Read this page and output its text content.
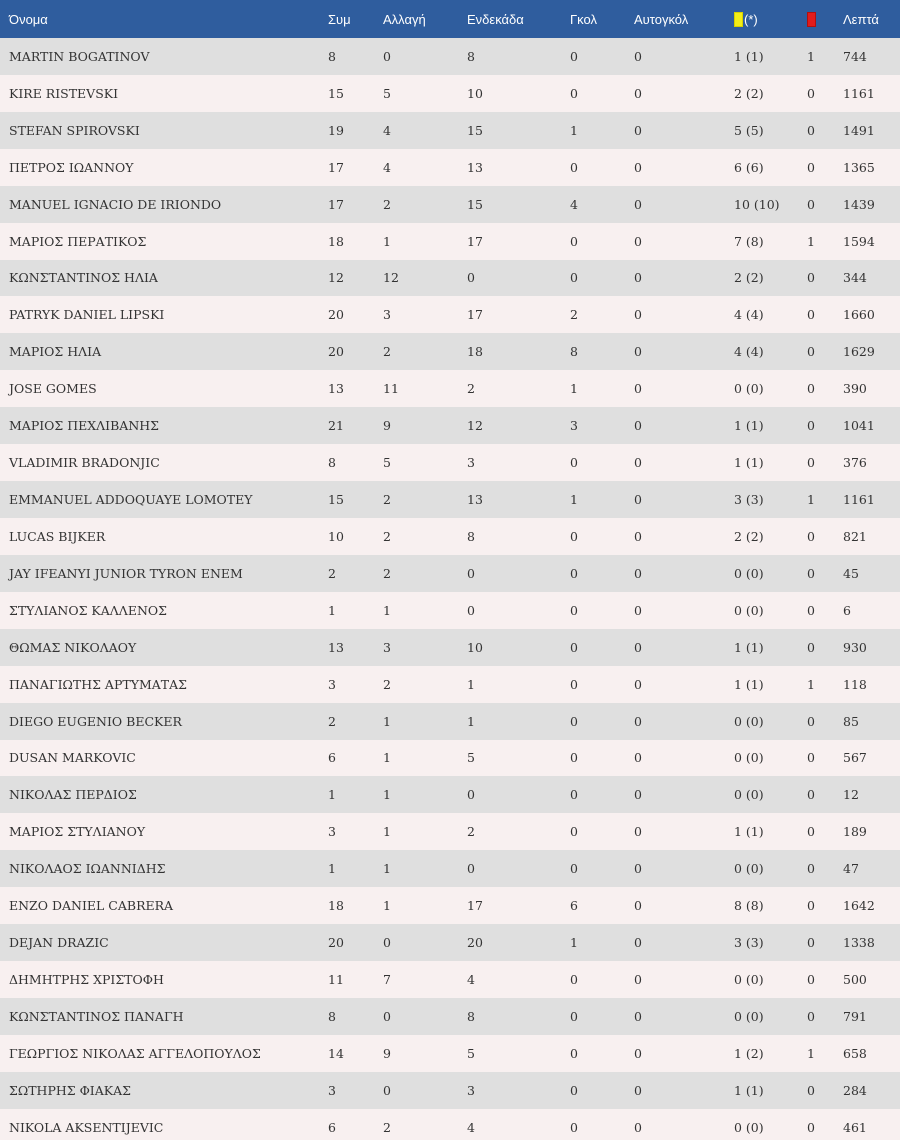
Όνομα	Συμ	Αλλαγή	Ενδεκάδα	Γκολ	Αυτογκόλ	(*)		Λεπτά
MARTIN BOGATINOV	8	0	8	0	0	1 (1)	1	744
KIRE RISTEVSKI	15	5	10	0	0	2 (2)	0	1161
STEFAN SPIROVSKI	19	4	15	1	0	5 (5)	0	1491
ΠΕΤΡΟΣ ΙΩΑΝΝΟΥ	17	4	13	0	0	6 (6)	0	1365
MANUEL IGNACIO DE IRIONDO	17	2	15	4	0	10 (10)	0	1439
ΜΑΡΙΟΣ ΠΕΡΑΤΙΚΟΣ	18	1	17	0	0	7 (8)	1	1594
ΚΩΝΣΤΑΝΤΙΝΟΣ ΗΛΙΑ	12	12	0	0	0	2 (2)	0	344
PATRYK DANIEL LIPSKI	20	3	17	2	0	4 (4)	0	1660
ΜΑΡΙΟΣ ΗΛΙΑ	20	2	18	8	0	4 (4)	0	1629
JOSE GOMES	13	11	2	1	0	0 (0)	0	390
ΜΑΡΙΟΣ ΠΕΧΛΙΒΑΝΗΣ	21	9	12	3	0	1 (1)	0	1041
VLADIMIR BRADONJIC	8	5	3	0	0	1 (1)	0	376
EMMANUEL ADDOQUAYE LOMOTEY	15	2	13	1	0	3 (3)	1	1161
LUCAS BIJKER	10	2	8	0	0	2 (2)	0	821
JAY IFEANYI JUNIOR TYRON ENEM	2	2	0	0	0	0 (0)	0	45
ΣΤΥΛΙΑΝΟΣ ΚΑΛΛΕΝΟΣ	1	1	0	0	0	0 (0)	0	6
ΘΩΜΑΣ ΝΙΚΟΛΑΟΥ	13	3	10	0	0	1 (1)	0	930
ΠΑΝΑΓΙΩΤΗΣ ΑΡΤΥΜΑΤΑΣ	3	2	1	0	0	1 (1)	1	118
DIEGO EUGENIO BECKER	2	1	1	0	0	0 (0)	0	85
DUSAN MARKOVIC	6	1	5	0	0	0 (0)	0	567
ΝΙΚΟΛΑΣ ΠΕΡΔΙΟΣ	1	1	0	0	0	0 (0)	0	12
ΜΑΡΙΟΣ ΣΤΥΛΙΑΝΟΥ	3	1	2	0	0	1 (1)	0	189
ΝΙΚΟΛΑΟΣ ΙΩΑΝΝΙΔΗΣ	1	1	0	0	0	0 (0)	0	47
ENZO DANIEL CABRERA	18	1	17	6	0	8 (8)	0	1642
DEJAN DRAZIC	20	0	20	1	0	3 (3)	0	1338
ΔΗΜΗΤΡΗΣ ΧΡΙΣΤΟΦΗ	11	7	4	0	0	0 (0)	0	500
ΚΩΝΣΤΑΝΤΙΝΟΣ ΠΑΝΑΓΗ	8	0	8	0	0	0 (0)	0	791
ΓΕΩΡΓΙΟΣ ΝΙΚΟΛΑΣ ΑΓΓΕΛΟΠΟΥΛΟΣ	14	9	5	0	0	1 (2)	1	658
ΣΩΤΗΡΗΣ ΦΙΑΚΑΣ	3	0	3	0	0	1 (1)	0	284
NIKOLA AKSENTIJEVIC	6	2	4	0	0	0 (0)	0	461
